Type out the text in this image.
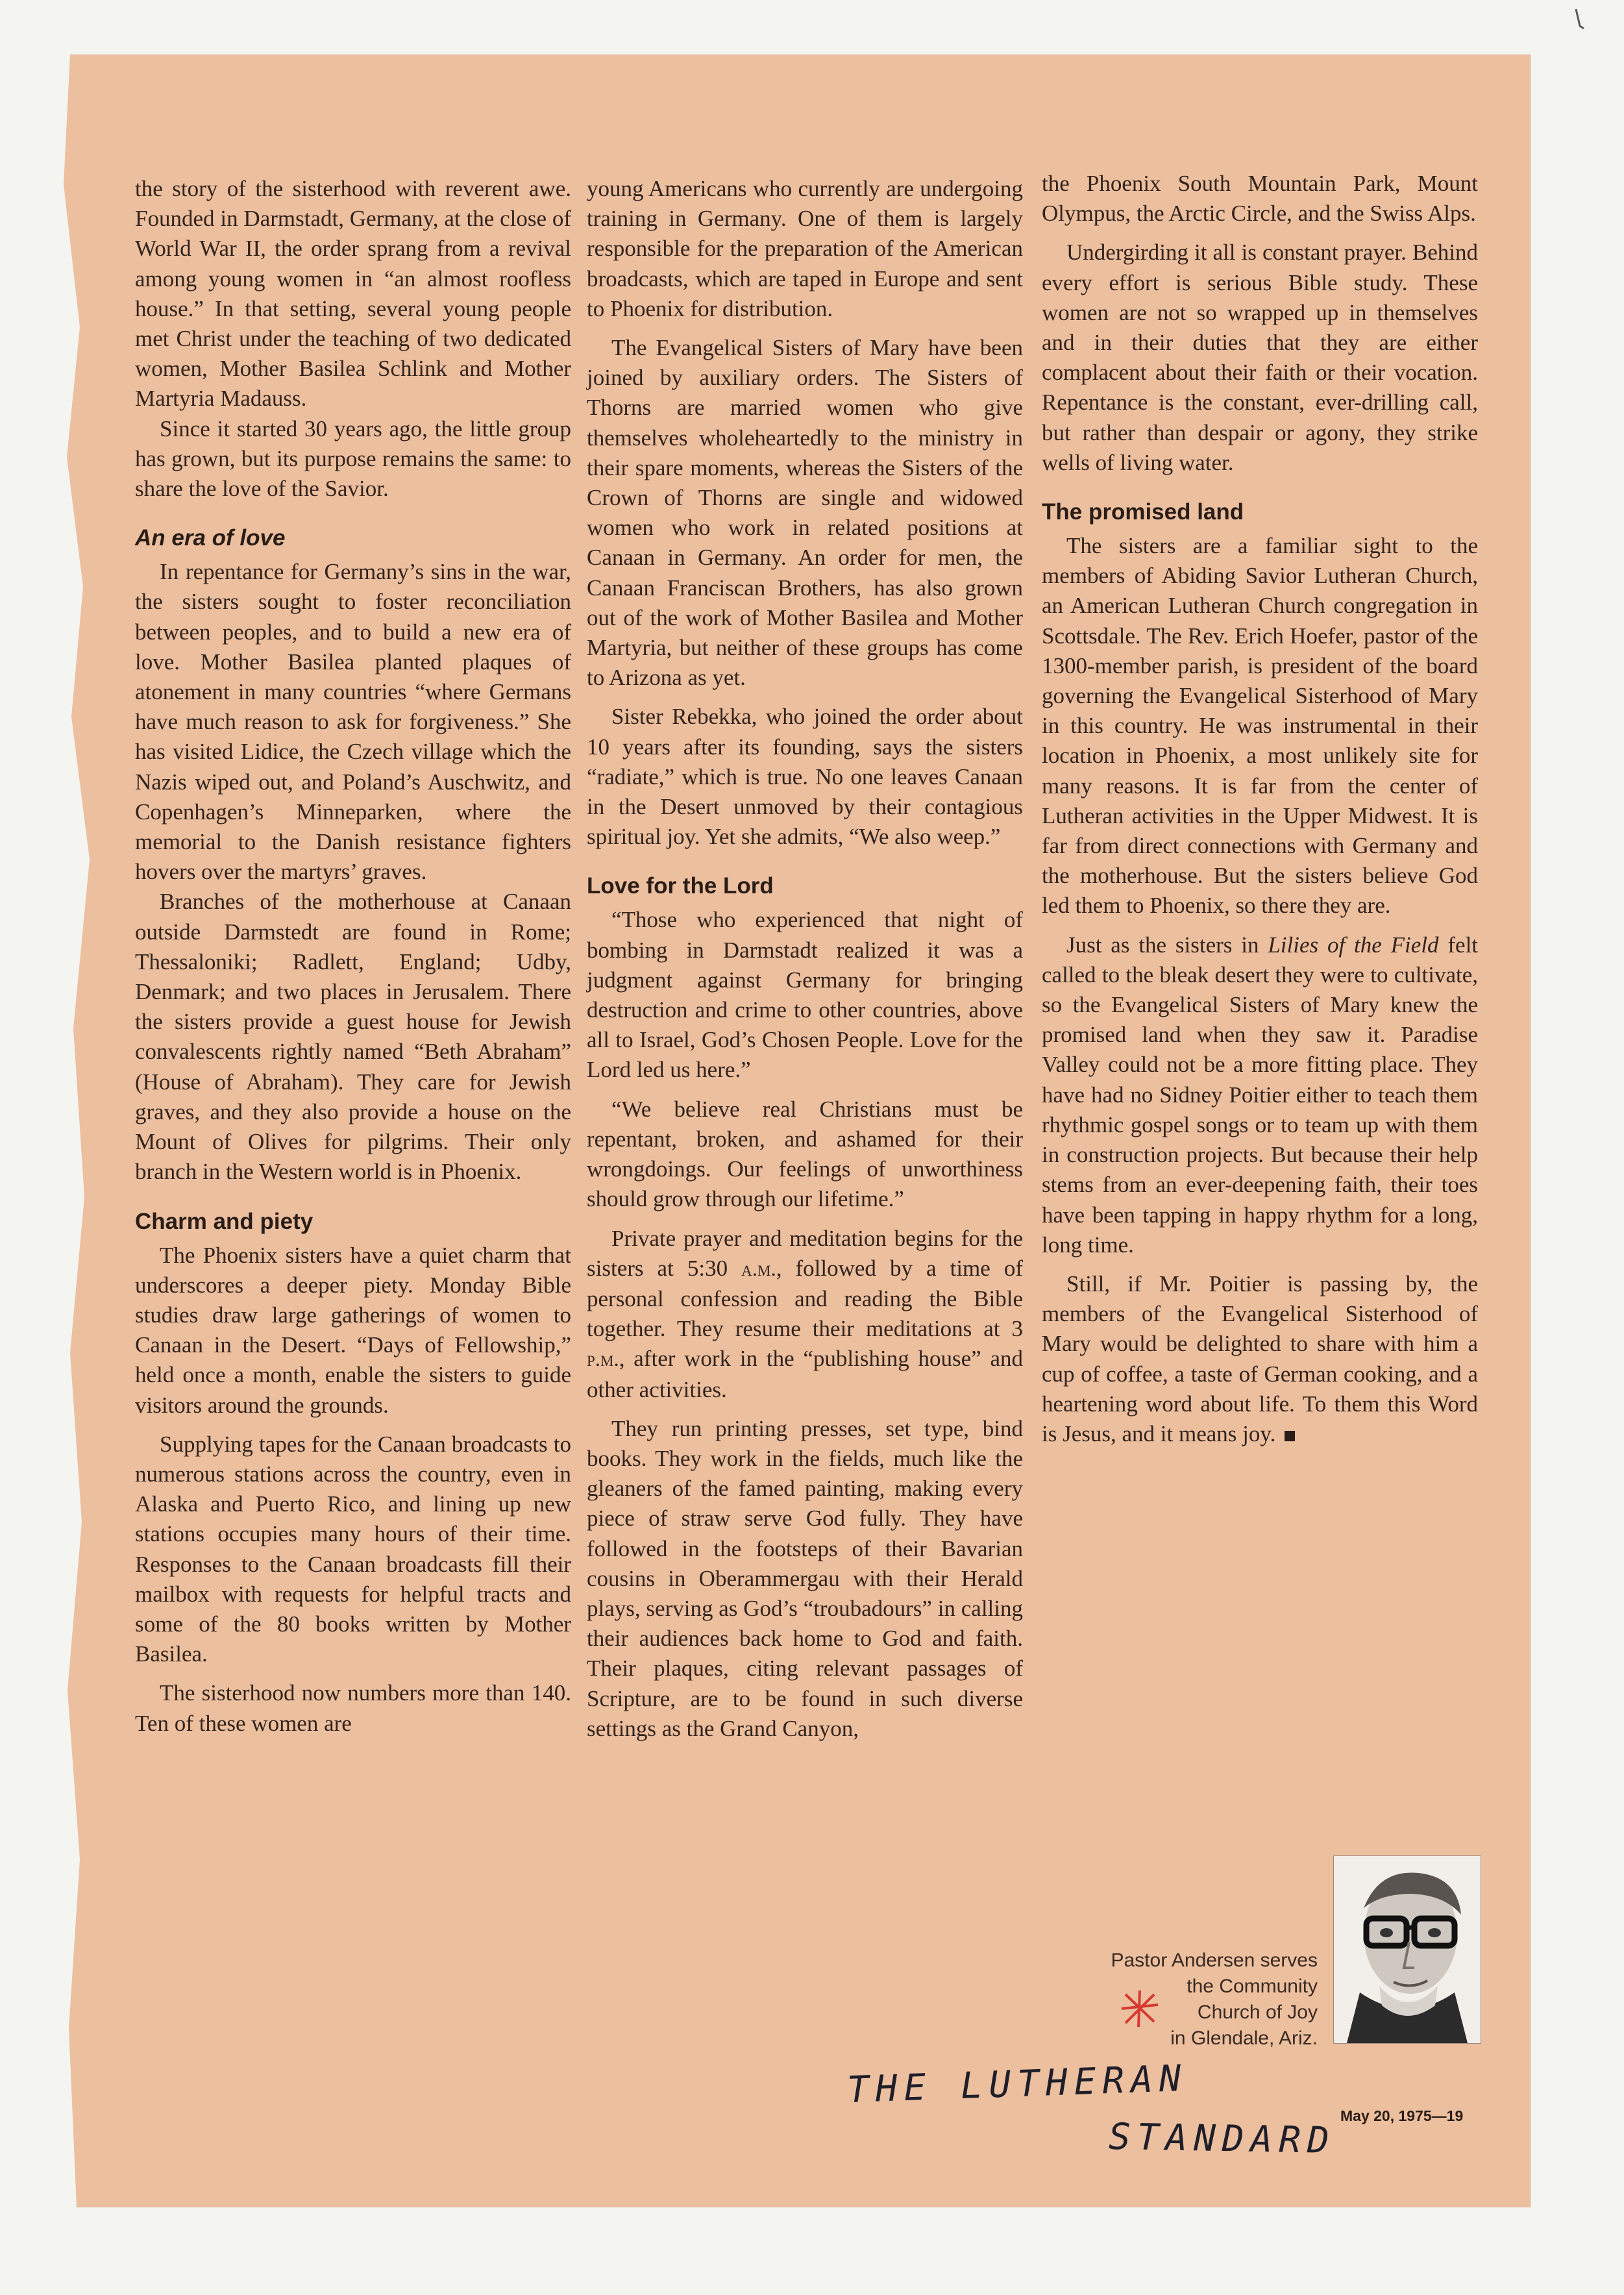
the story of the sisterhood with reverent awe. Founded in Darmstadt, Germany, at the close of World War II, the order sprang from a revival among young women in “an almost roofless house.” In that setting, several young people met Christ under the teaching of two dedicated women, Mother Basilea Schlink and Mother Martyria Madauss.

Since it started 30 years ago, the little group has grown, but its purpose remains the same: to share the love of the Savior.

An era of love

In repentance for Germany’s sins in the war, the sisters sought to foster reconciliation between peoples, and to build a new era of love. Mother Basilea planted plaques of atonement in many countries “where Germans have much reason to ask for forgiveness.” She has visited Lidice, the Czech village which the Nazis wiped out, and Poland’s Auschwitz, and Copenhagen’s Minneparken, where the memorial to the Danish resistance fighters hovers over the martyrs’ graves.

Branches of the motherhouse at Canaan outside Darmstedt are found in Rome; Thessaloniki; Radlett, England; Udby, Denmark; and two places in Jerusalem. There the sisters provide a guest house for Jewish convalescents rightly named “Beth Abraham” (House of Abraham). They care for Jewish graves, and they also provide a house on the Mount of Olives for pilgrims. Their only branch in the Western world is in Phoenix.

Charm and piety

The Phoenix sisters have a quiet charm that underscores a deeper piety. Monday Bible studies draw large gatherings of women to Canaan in the Desert. “Days of Fellowship,” held once a month, enable the sisters to guide visitors around the grounds.

Supplying tapes for the Canaan broadcasts to numerous stations across the country, even in Alaska and Puerto Rico, and lining up new stations occupies many hours of their time. Responses to the Canaan broadcasts fill their mailbox with requests for helpful tracts and some of the 80 books written by Mother Basilea.

The sisterhood now numbers more than 140. Ten of these women are

young Americans who currently are undergoing training in Germany. One of them is largely responsible for the preparation of the American broadcasts, which are taped in Europe and sent to Phoenix for distribution.

The Evangelical Sisters of Mary have been joined by auxiliary orders. The Sisters of Thorns are married women who give themselves wholeheartedly to the ministry in their spare moments, whereas the Sisters of the Crown of Thorns are single and widowed women who work in related positions at Canaan in Germany. An order for men, the Canaan Franciscan Brothers, has also grown out of the work of Mother Basilea and Mother Martyria, but neither of these groups has come to Arizona as yet.

Sister Rebekka, who joined the order about 10 years after its founding, says the sisters “radiate,” which is true. No one leaves Canaan in the Desert unmoved by their contagious spiritual joy. Yet she admits, “We also weep.”

Love for the Lord

“Those who experienced that night of bombing in Darmstadt realized it was a judgment against Germany for bringing destruction and crime to other countries, above all to Israel, God’s Chosen People. Love for the Lord led us here.”

“We believe real Christians must be repentant, broken, and ashamed for their wrongdoings. Our feelings of unworthiness should grow through our lifetime.”

Private prayer and meditation begins for the sisters at 5:30 a.m., followed by a time of personal confession and reading the Bible together. They resume their meditations at 3 p.m., after work in the “publishing house” and other activities.

They run printing presses, set type, bind books. They work in the fields, much like the gleaners of the famed painting, making every piece of straw serve God fully. They have followed in the footsteps of their Bavarian cousins in Oberammergau with their Herald plays, serving as God’s “troubadours” in calling their audiences back home to God and faith. Their plaques, citing relevant passages of Scripture, are to be found in such diverse settings as the Grand Canyon,

the Phoenix South Mountain Park, Mount Olympus, the Arctic Circle, and the Swiss Alps.

Undergirding it all is constant prayer. Behind every effort is serious Bible study. These women are not so wrapped up in themselves and in their duties that they are either complacent about their faith or their vocation. Repentance is the constant, ever-drilling call, but rather than despair or agony, they strike wells of living water.

The promised land

The sisters are a familiar sight to the members of Abiding Savior Lutheran Church, an American Lutheran Church congregation in Scottsdale. The Rev. Erich Hoefer, pastor of the 1300-member parish, is president of the board governing the Evangelical Sisterhood of Mary in this country. He was instrumental in their location in Phoenix, a most unlikely site for many reasons. It is far from the center of Lutheran activities in the Upper Midwest. It is far from direct connections with Germany and the motherhouse. But the sisters believe God led them to Phoenix, so there they are.

Just as the sisters in Lilies of the Field felt called to the bleak desert they were to cultivate, so the Evangelical Sisters of Mary knew the promised land when they saw it. Paradise Valley could not be a more fitting place. They have had no Sidney Poitier either to teach them rhythmic gospel songs or to team up with them in construction projects. But because their help stems from an ever-deepening faith, their toes have been tapping in happy rhythm for a long, long time.

Still, if Mr. Poitier is passing by, the members of the Evangelical Sisterhood of Mary would be delighted to share with him a cup of coffee, a taste of German cooking, and a heartening word about life. To them this Word is Jesus, and it means joy.

Pastor Andersen serves
the Community
Church of Joy
in Glendale, Ariz.
May 20, 1975—19
THE LUTHERAN
STANDARD
